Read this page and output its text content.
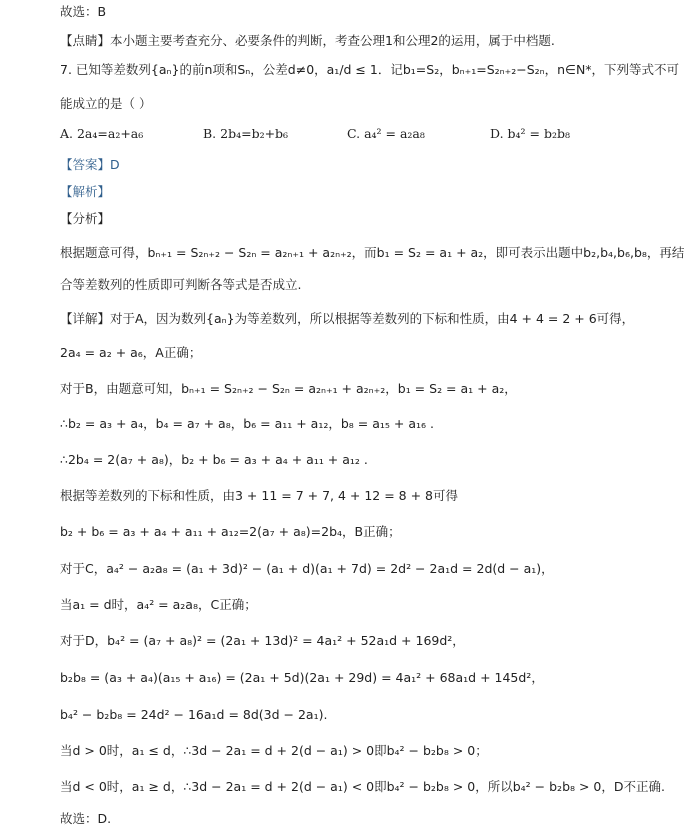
故选：B
【点睛】本小题主要考查充分、必要条件的判断，考查公理1和公理2的运用，属于中档题.
7. 已知等差数列{aₙ}的前n项和Sₙ，公差d≠0，a₁/d ≤ 1．记b₁=S₂，bₙ₊₁=S₂ₙ₊₂−S₂ₙ，n∈N*，下列等式不可
能成立的是（ ）
【答案】D
【解析】
【分析】
根据题意可得，bₙ₊₁ = S₂ₙ₊₂ − S₂ₙ = a₂ₙ₊₁ + a₂ₙ₊₂，而b₁ = S₂ = a₁ + a₂，即可表示出题中b₂,b₄,b₆,b₈，再结
合等差数列的性质即可判断各等式是否成立.
【详解】对于A，因为数列{aₙ}为等差数列，所以根据等差数列的下标和性质，由4 + 4 = 2 + 6可得，
2a₄ = a₂ + a₆，A正确；
对于B，由题意可知，bₙ₊₁ = S₂ₙ₊₂ − S₂ₙ = a₂ₙ₊₁ + a₂ₙ₊₂，b₁ = S₂ = a₁ + a₂，
∴b₂ = a₃ + a₄，b₄ = a₇ + a₈，b₆ = a₁₁ + a₁₂，b₈ = a₁₅ + a₁₆ .
∴2b₄ = 2(a₇ + a₈)，b₂ + b₆ = a₃ + a₄ + a₁₁ + a₁₂ .
根据等差数列的下标和性质，由3 + 11 = 7 + 7, 4 + 12 = 8 + 8可得
b₂ + b₆ = a₃ + a₄ + a₁₁ + a₁₂=2(a₇ + a₈)=2b₄，B正确；
对于C，a₄² − a₂a₈ = (a₁ + 3d)² − (a₁ + d)(a₁ + 7d) = 2d² − 2a₁d = 2d(d − a₁)，
当a₁ = d时，a₄² = a₂a₈，C正确；
对于D，b₄² = (a₇ + a₈)² = (2a₁ + 13d)² = 4a₁² + 52a₁d + 169d²，
b₂b₈ = (a₃ + a₄)(a₁₅ + a₁₆) = (2a₁ + 5d)(2a₁ + 29d) = 4a₁² + 68a₁d + 145d²，
b₄² − b₂b₈ = 24d² − 16a₁d = 8d(3d − 2a₁).
当d > 0时，a₁ ≤ d，∴3d − 2a₁ = d + 2(d − a₁) > 0即b₄² − b₂b₈ > 0；
当d < 0时，a₁ ≥ d，∴3d − 2a₁ = d + 2(d − a₁) < 0即b₄² − b₂b₈ > 0，所以b₄² − b₂b₈ > 0，D不正确.
故选：D.
A. 2a₄=a₂+a₆	B. 2b₄=b₂+b₆	C. a₄² = a₂a₈	D. b₄² = b₂b₈
